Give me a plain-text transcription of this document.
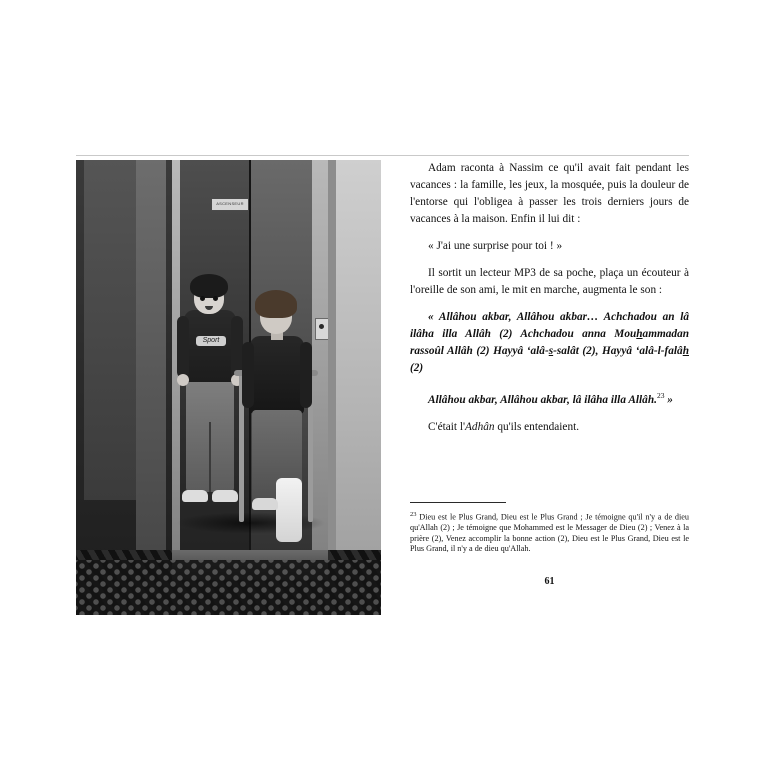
ASCENSEUR
Sport

Adam raconta à Nassim ce qu'il avait fait pendant les vacances : la famille, les jeux, la mosquée, puis la douleur de l'entorse qui l'obligea à passer les trois derniers jours de vacances à la maison. Enfin il lui dit :

« J'ai une surprise pour toi ! »

Il sortit un lecteur MP3 de sa poche, plaça un écouteur à l'oreille de son ami, le mit en marche, augmenta le son :

« Allâhou akbar, Allâhou akbar… Achchadou an lâ ilâha illa Allâh (2) Achchadou anna Mouhammadan rassoûl Allâh (2) Hayyâ ‘alâ-s-salât (2), Hayyâ ‘alâ-l-falâh (2)

Allâhou akbar, Allâhou akbar, lâ ilâha illa Allâh.$^{23}$ »

C'était l'Adhân qu'ils entendaient.

$^{23}$ Dieu est le Plus Grand, Dieu est le Plus Grand ; Je témoigne qu'il n'y a de dieu qu'Allah (2) ; Je témoigne que Mohammed est le Messager de Dieu (2) ; Venez à la prière (2), Venez accomplir la bonne action (2), Dieu est le Plus Grand, Dieu est le Plus Grand, il n'y a de dieu qu'Allah.
61
